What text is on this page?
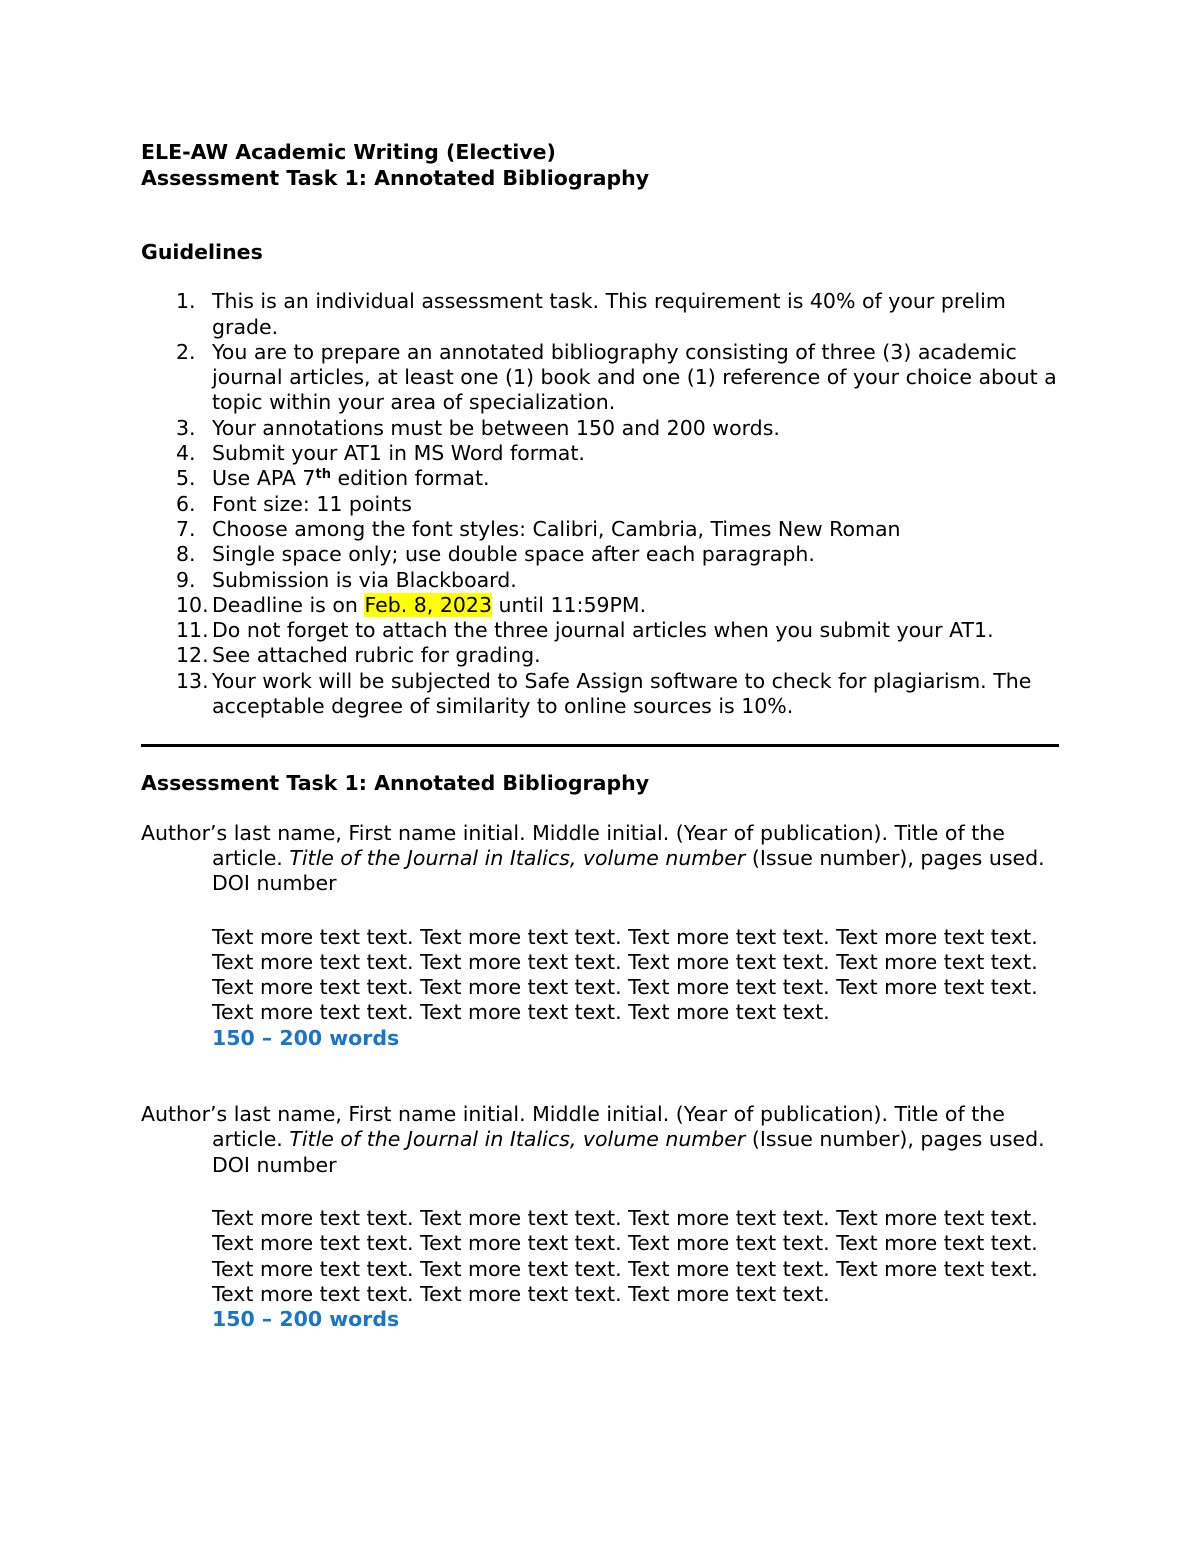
ELE-AW Academic Writing (Elective)

Assessment Task 1: Annotated Bibliography

Guidelines

1. This is an individual assessment task. This requirement is 40% of your prelim grade.
2. You are to prepare an annotated bibliography consisting of three (3) academic journal articles, at least one (1) book and one (1) reference of your choice about a topic within your area of specialization.
3. Your annotations must be between 150 and 200 words.
4. Submit your AT1 in MS Word format.
5. Use APA 7th edition format.
6. Font size: 11 points
7. Choose among the font styles: Calibri, Cambria, Times New Roman
8. Single space only; use double space after each paragraph.
9. Submission is via Blackboard.
10. Deadline is on Feb. 8, 2023 until 11:59PM.
11. Do not forget to attach the three journal articles when you submit your AT1.
12. See attached rubric for grading.
13. Your work will be subjected to Safe Assign software to check for plagiarism. The acceptable degree of similarity to online sources is 10%.

Assessment Task 1: Annotated Bibliography

Author’s last name, First name initial. Middle initial. (Year of publication). Title of the article. Title of the Journal in Italics, volume number (Issue number), pages used. DOI number

Text more text text. Text more text text. Text more text text. Text more text text. Text more text text. Text more text text. Text more text text. Text more text text. Text more text text. Text more text text. Text more text text. Text more text text. Text more text text. Text more text text. Text more text text.
150 – 200 words

Author’s last name, First name initial. Middle initial. (Year of publication). Title of the article. Title of the Journal in Italics, volume number (Issue number), pages used. DOI number

Text more text text. Text more text text. Text more text text. Text more text text. Text more text text. Text more text text. Text more text text. Text more text text. Text more text text. Text more text text. Text more text text. Text more text text. Text more text text. Text more text text. Text more text text.
150 – 200 words
